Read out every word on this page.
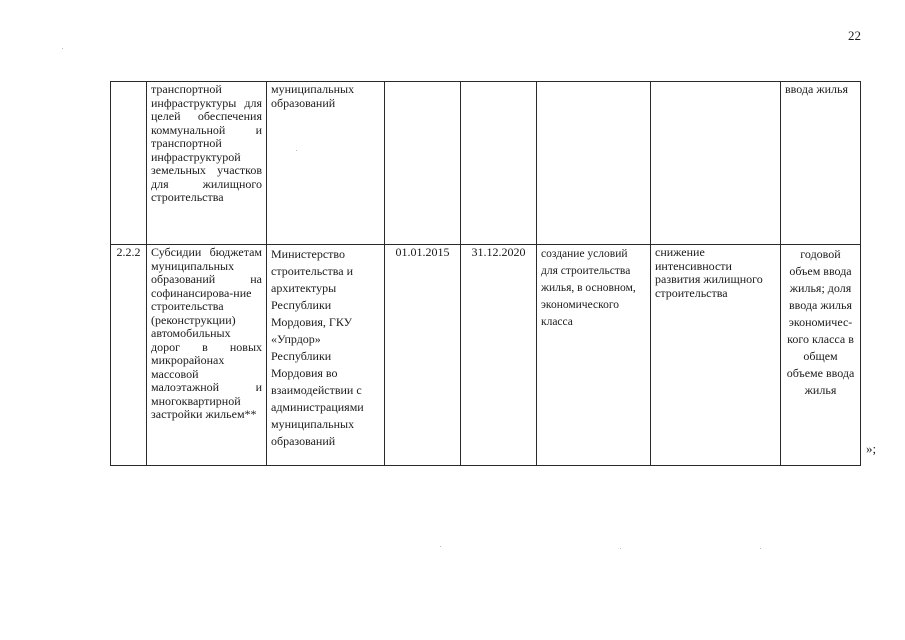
22
	транспортной инфраструктуры для целей обеспечения коммунальной и транспортной инфраструктурой земельных участков для жилищного строительства	муниципальных образований					ввода жилья
2.2.2	Субсидии бюджетам муниципальных образований на софинансирова-ние строительства (реконструкции) автомобильных дорог в новых микрорайонах массовой малоэтажной и многоквартирной застройки жильем**	Министерство строительства и архитектуры Республики Мордовия, ГКУ «Упрдор» Республики Мордовия во взаимодействии с администрациями муниципальных образований	01.01.2015	31.12.2020	создание условий для строительства жилья, в основном, экономического класса	снижение интенсивности развития жилищного строительства	годовой объем ввода жилья; доля ввода жилья экономичес-кого класса в общем объеме ввода жилья
»;
